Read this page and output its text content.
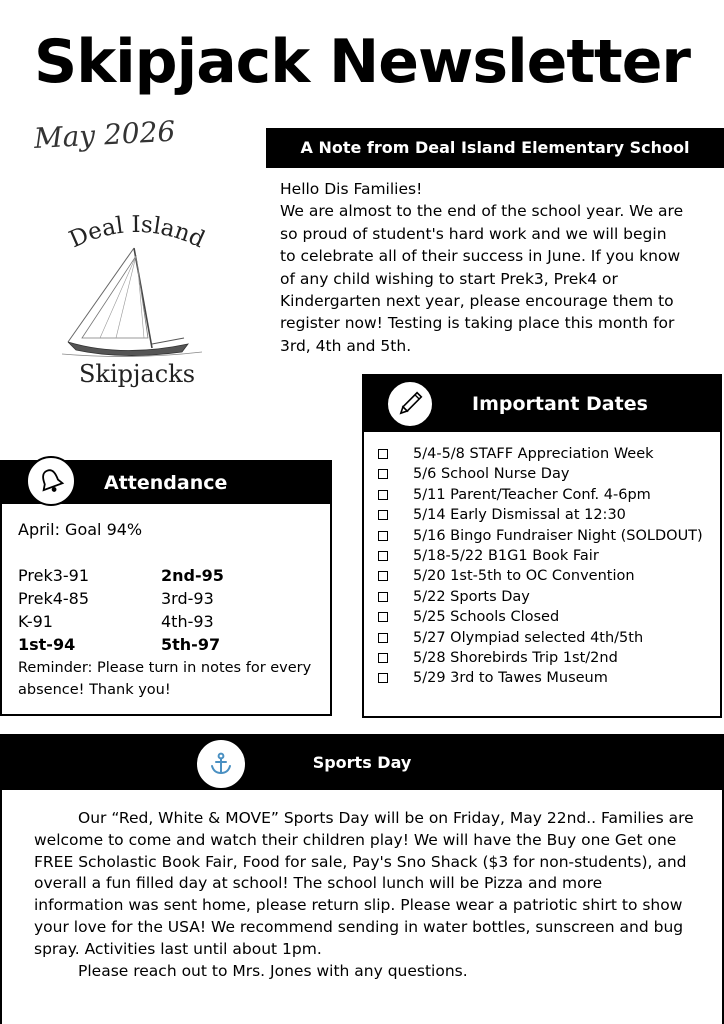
Skipjack Newsletter
May 2026
Deal Island
Skipjacks
A Note from Deal Island Elementary School

Hello Dis Families!

We are almost to the end of the school year. We are so proud of student's hard work and we will begin to celebrate all of their success in June. If you know of any child wishing to start Prek3, Prek4 or Kindergarten next year, please encourage them to register now! Testing is taking place this month for 3rd, 4th and 5th.

Important Dates
5/4-5/8 STAFF Appreciation Week
5/6 School Nurse Day
5/11 Parent/Teacher Conf. 4-6pm
5/14 Early Dismissal at 12:30
5/16 Bingo Fundraiser Night (SOLDOUT)
5/18-5/22 B1G1 Book Fair
5/20 1st-5th to OC Convention
5/22 Sports Day
5/25 Schools Closed
5/27 Olympiad selected 4th/5th
5/28 Shorebirds Trip 1st/2nd
5/29 3rd to Tawes Museum
Attendance
April: Goal 94%
Prek3-91	2nd-95
Prek4-85	3rd-93
K-91	4th-93
1st-94	5th-97
Reminder: Please turn in notes for every absence! Thank you!
Sports Day

Our “Red, White & MOVE” Sports Day will be on Friday, May 22nd.. Families are welcome to come and watch their children play! We will have the Buy one Get one FREE Scholastic Book Fair, Food for sale, Pay's Sno Shack ($3 for non-students), and overall a fun filled day at school! The school lunch will be Pizza and more information was sent home, please return slip. Please wear a patriotic shirt to show your love for the USA! We recommend sending in water bottles, sunscreen and bug spray. Activities last until about 1pm.

Please reach out to Mrs. Jones with any questions.
